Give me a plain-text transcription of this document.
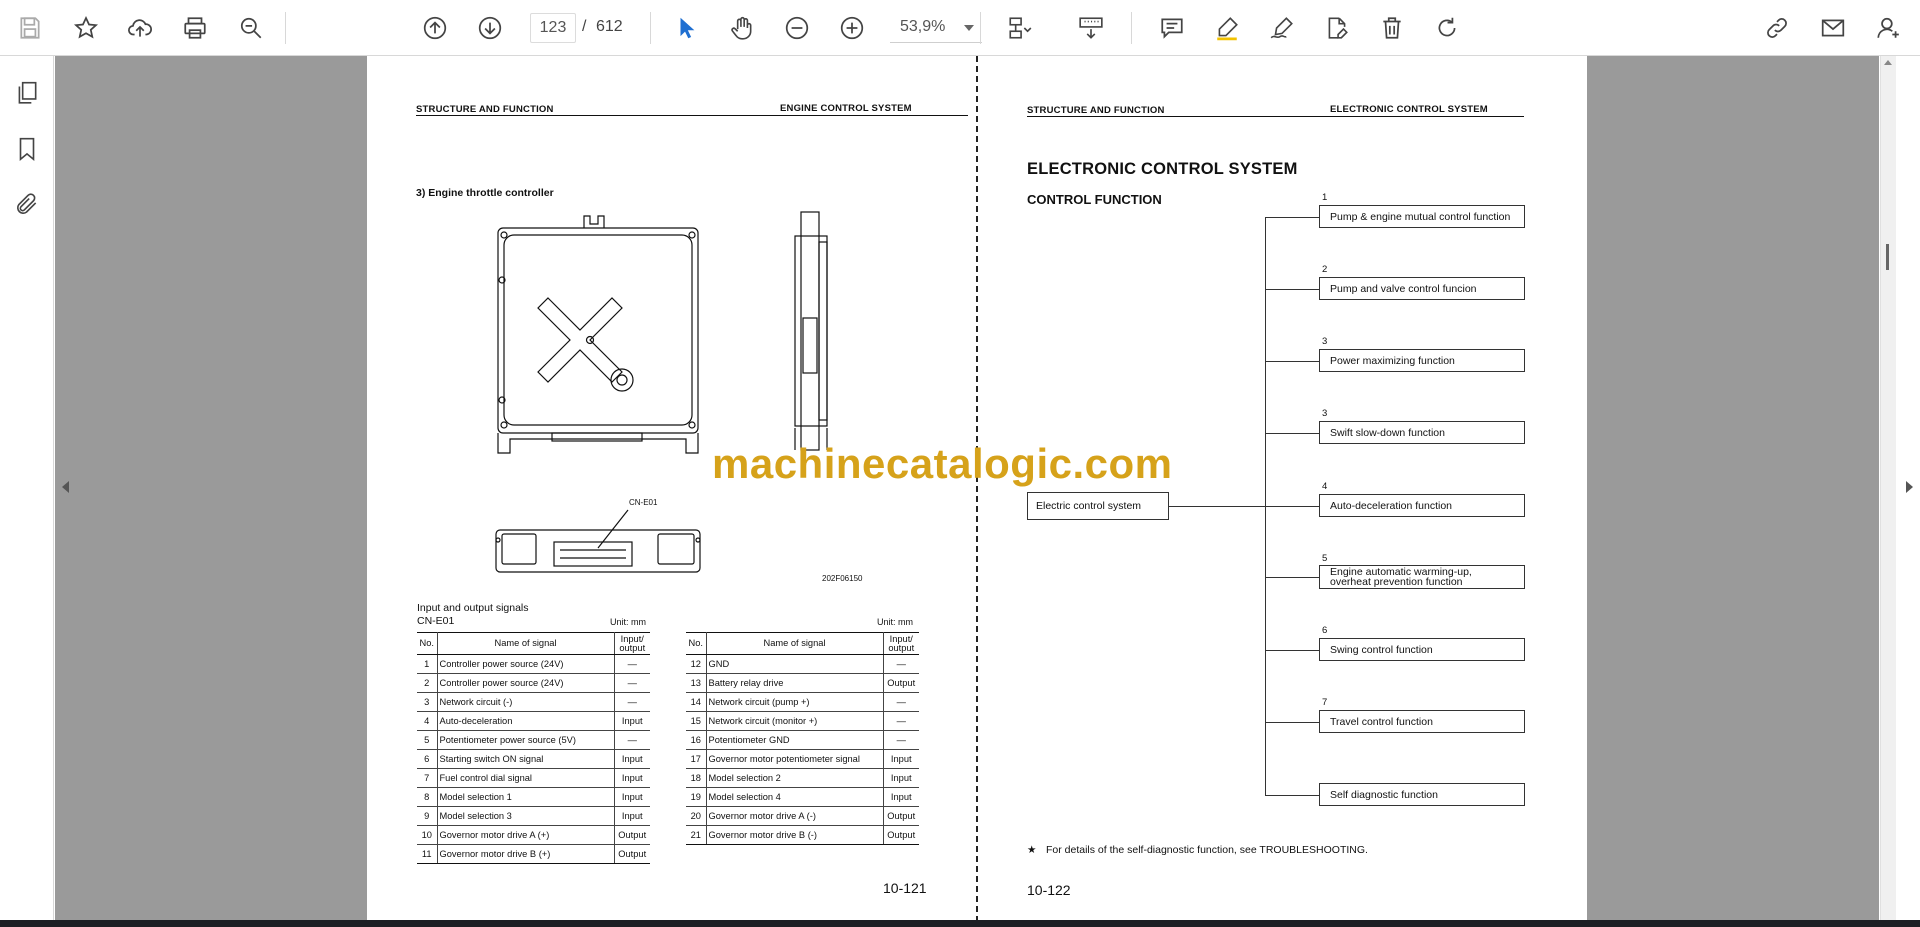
123
/ 612	53,9%
STRUCTURE AND FUNCTION	ENGINE CONTROL SYSTEM
3) Engine throttle controller
CN-E01
202F06150
Input and output signals
CN-E01	Unit: mm	Unit: mm
No.	Name of signal	Input/
output
1	Controller power source (24V)	—
2	Controller power source (24V)	—
3	Network circuit (-)	—
4	Auto-deceleration	Input
5	Potentiometer power source (5V)	—
6	Starting switch ON signal	Input
7	Fuel control dial signal	Input
8	Model selection 1	Input
9	Model selection 3	Input
10	Governor motor drive A (+)	Output
11	Governor motor drive B (+)	Output
No.	Name of signal	Input/
output
12	GND	—
13	Battery relay drive	Output
14	Network circuit (pump +)	—
15	Network circuit (monitor +)	—
16	Potentiometer GND	—
17	Governor motor potentiometer signal	Input
18	Model selection 2	Input
19	Model selection 4	Input
20	Governor motor drive A (-)	Output
21	Governor motor drive B (-)	Output
10-121
STRUCTURE AND FUNCTION	ELECTRONIC CONTROL SYSTEM
ELECTRONIC CONTROL SYSTEM
CONTROL FUNCTION
Electric control system
1
Pump & engine mutual control function
2
Pump and valve control funcion
3
Power maximizing function
3
Swift slow-down function
4
Auto-deceleration function
5
Engine automatic warming-up,
overheat prevention function
6
Swing control function
7
Travel control function
Self diagnostic function
★ For details of the self-diagnostic function, see TROUBLESHOOTING.
10-122
machinecatalogic.com
